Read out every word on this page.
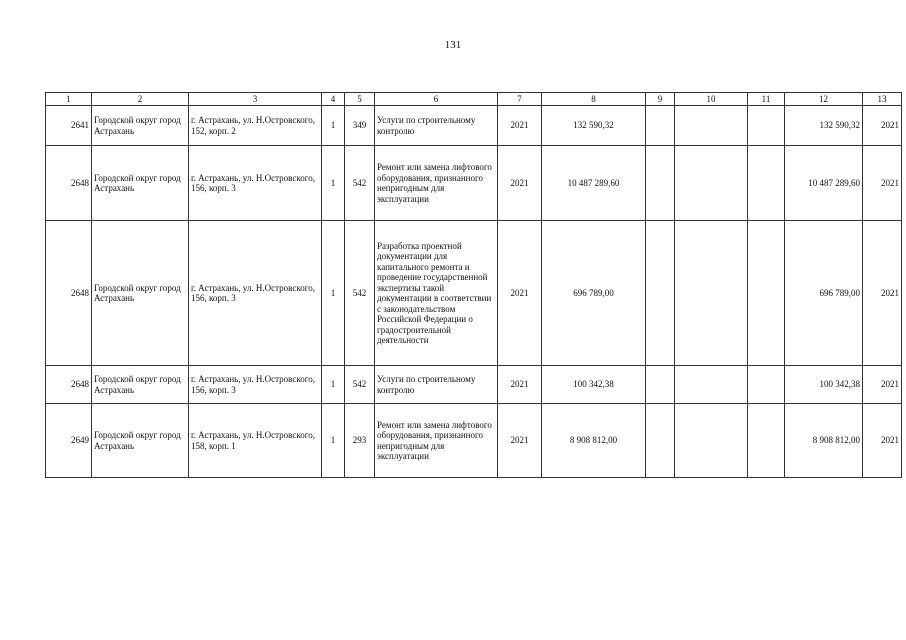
131
1	2	3	4	5	6	7	8	9	10	11	12	13
2641	Городской округ город Астрахань	г. Астрахань, ул. Н.Островского, 152, корп. 2	1	349	Услуги по строительному контролю	2021	132 590,32				132 590,32	2021
2648	Городской округ город Астрахань	г. Астрахань, ул. Н.Островского, 156, корп. 3	1	542	Ремонт или замена лифтового оборудования, признанного непригодным для эксплуатации	2021	10 487 289,60				10 487 289,60	2021
2648	Городской округ город Астрахань	г. Астрахань, ул. Н.Островского, 156, корп. 3	1	542	Разработка проектной документации для капитального ремонта и проведение государственной экспертизы такой документации в соответствии с законодательством Российской Федерации о градостроительной деятельности	2021	696 789,00				696 789,00	2021
2648	Городской округ город Астрахань	г. Астрахань, ул. Н.Островского, 156, корп. 3	1	542	Услуги по строительному контролю	2021	100 342,38				100 342,38	2021
2649	Городской округ город Астрахань	г. Астрахань, ул. Н.Островского, 158, корп. 1	1	293	Ремонт или замена лифтового оборудования, признанного непригодным для эксплуатации	2021	8 908 812,00				8 908 812,00	2021
